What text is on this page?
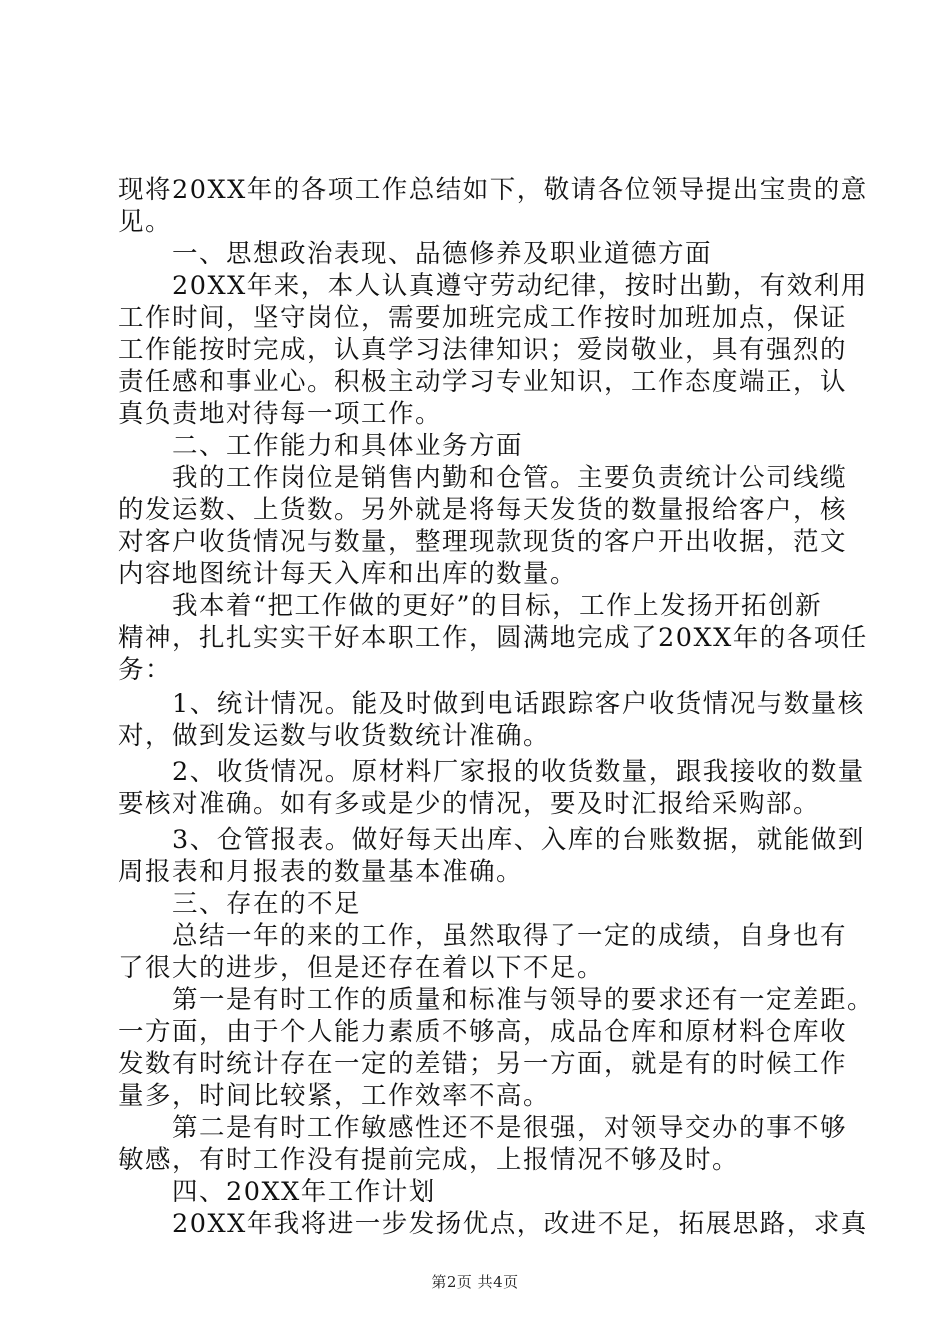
现将20XX年的各项工作总结如下，敬请各位领导提出宝贵的意
见。
　　一、思想政治表现、品德修养及职业道德方面
　　20XX年来，本人认真遵守劳动纪律，按时出勤，有效利用
工作时间，坚守岗位，需要加班完成工作按时加班加点，保证
工作能按时完成，认真学习法律知识；爱岗敬业，具有强烈的
责任感和事业心。积极主动学习专业知识，工作态度端正，认
真负责地对待每一项工作。
　　二、工作能力和具体业务方面
　　我的工作岗位是销售内勤和仓管。主要负责统计公司线缆
的发运数、上货数。另外就是将每天发货的数量报给客户，核
对客户收货情况与数量，整理现款现货的客户开出收据，范文
内容地图统计每天入库和出库的数量。
　　我本着“把工作做的更好”的目标，工作上发扬开拓创新
精神，扎扎实实干好本职工作，圆满地完成了20XX年的各项任
务：
　　1、统计情况。能及时做到电话跟踪客户收货情况与数量核
对，做到发运数与收货数统计准确。
　　2、收货情况。原材料厂家报的收货数量，跟我接收的数量
要核对准确。如有多或是少的情况，要及时汇报给采购部。
　　3、仓管报表。做好每天出库、入库的台账数据，就能做到
周报表和月报表的数量基本准确。
　　三、存在的不足
　　总结一年的来的工作，虽然取得了一定的成绩，自身也有
了很大的进步，但是还存在着以下不足。
　　第一是有时工作的质量和标准与领导的要求还有一定差距。
一方面，由于个人能力素质不够高，成品仓库和原材料仓库收
发数有时统计存在一定的差错；另一方面，就是有的时候工作
量多，时间比较紧，工作效率不高。
　　第二是有时工作敏感性还不是很强，对领导交办的事不够
敏感，有时工作没有提前完成，上报情况不够及时。
　　四、20XX年工作计划
　　20XX年我将进一步发扬优点，改进不足，拓展思路，求真
第2页 共4页
